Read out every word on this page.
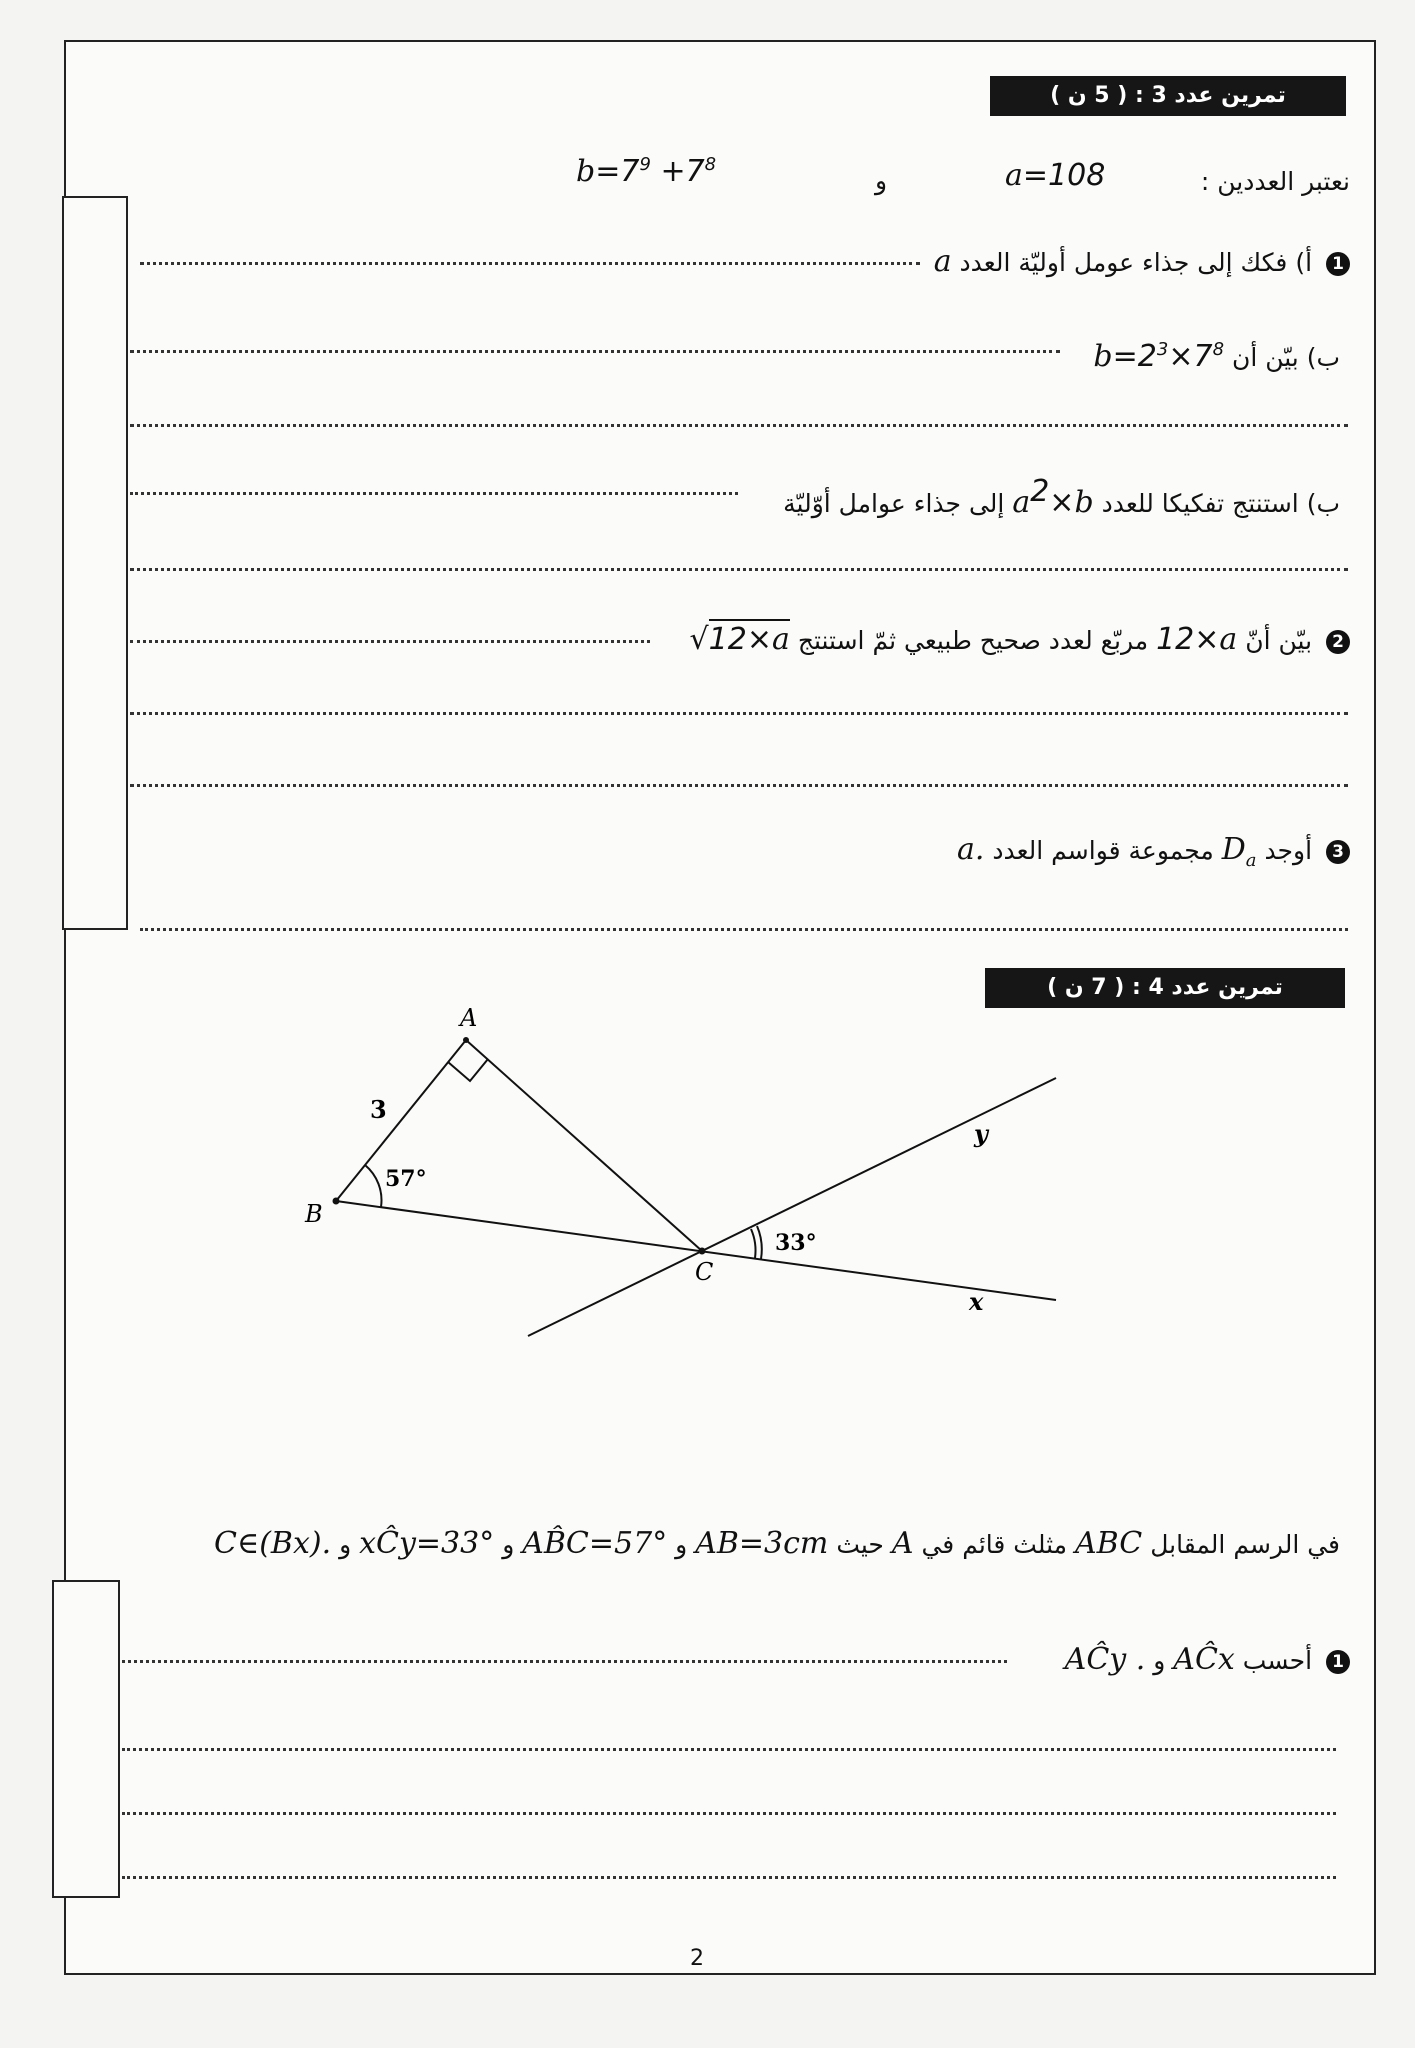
تمرين عدد 3 : ( 5 ن )
نعتبر العددين :
a=108
و
$b=7^9 +7^8$
1 أ) فكك إلى جذاء عومل أوليّة العدد a
ب) بيّن أن $b=2^3\times 7^8$
ب) استنتج تفكيكا للعدد $a^2\times b$ إلى جذاء عوامل أوّليّة
2 بيّن أنّ 12×a مربّع لعدد صحيح طبيعي ثمّ استنتج √12×a
3 أوجد $D_a$ مجموعة قواسم العدد a.
تمرين عدد 4 : ( 7 ن )
A
B
C
y
x
3
57°
33°
في الرسم المقابل ABC مثلث قائم في A حيث AB=3cm و AB̂C=57° و xĈy=33° و C∈(Bx).
1 أحسب AĈx و AĈy .
2
